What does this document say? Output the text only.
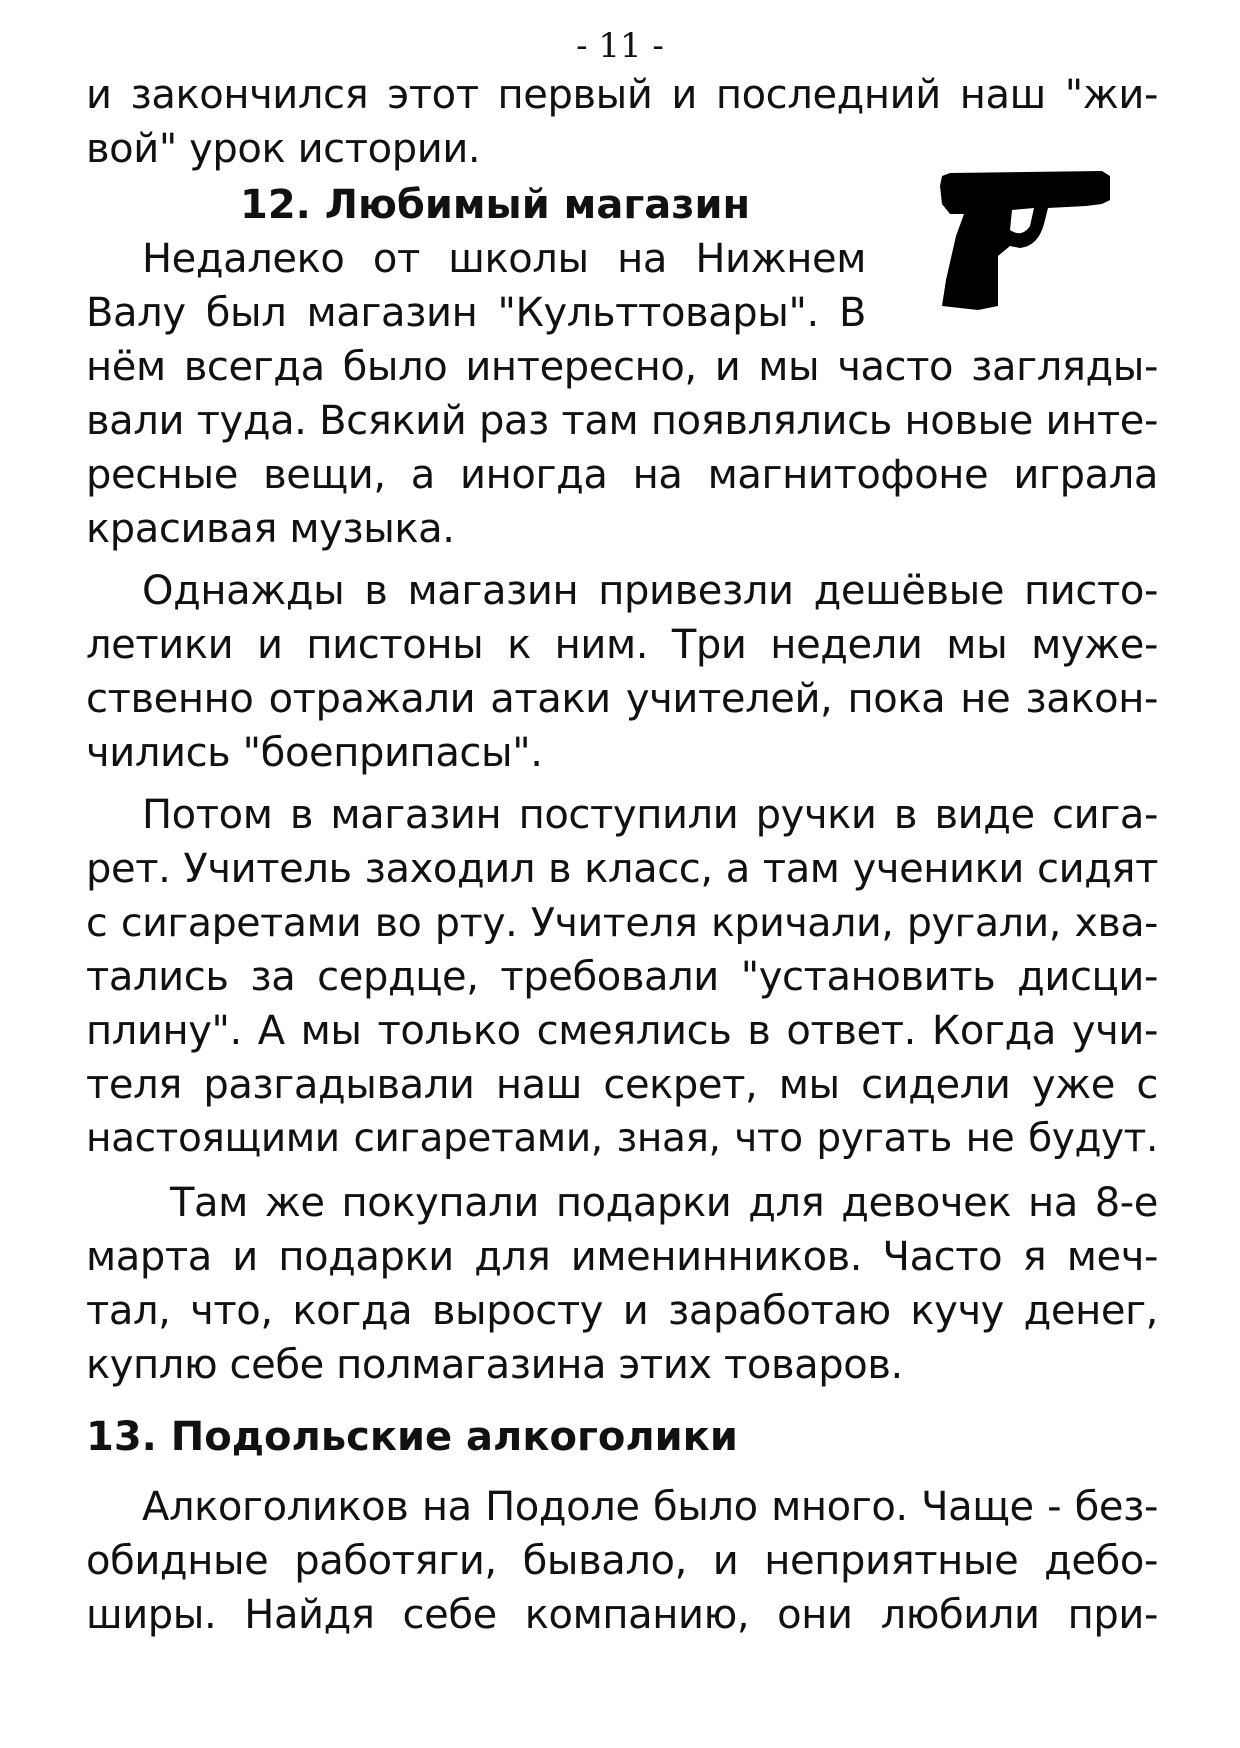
- 11 -
и закончился этот первый и последний наш "жи-
вой" урок истории.
12. Любимый магазин
Недалеко от школы на Нижнем
Валу был магазин "Культтовары". В
нём всегда было интересно, и мы часто загляды-
вали туда. Всякий раз там появлялись новые инте-
ресные вещи, а иногда на магнитофоне играла
красивая музыка.
Однажды в магазин привезли дешёвые писто-
летики и пистоны к ним. Три недели мы муже-
ственно отражали атаки учителей, пока не закон-
чились "боеприпасы".
Потом в магазин поступили ручки в виде сига-
рет. Учитель заходил в класс, а там ученики сидят
с сигаретами во рту. Учителя кричали, ругали, хва-
тались за сердце, требовали "установить дисци-
плину". А мы только смеялись в ответ. Когда учи-
теля разгадывали наш секрет, мы сидели уже с
настоящими сигаретами, зная, что ругать не будут.
Там же покупали подарки для девочек на 8-е
марта и подарки для именинников. Часто я меч-
тал, что, когда выросту и заработаю кучу денег,
куплю себе полмагазина этих товаров.
13. Подольские алкоголики
Алкоголиков на Подоле было много. Чаще - без-
обидные работяги, бывало, и неприятные дебо-
ширы. Найдя себе компанию, они любили при-
